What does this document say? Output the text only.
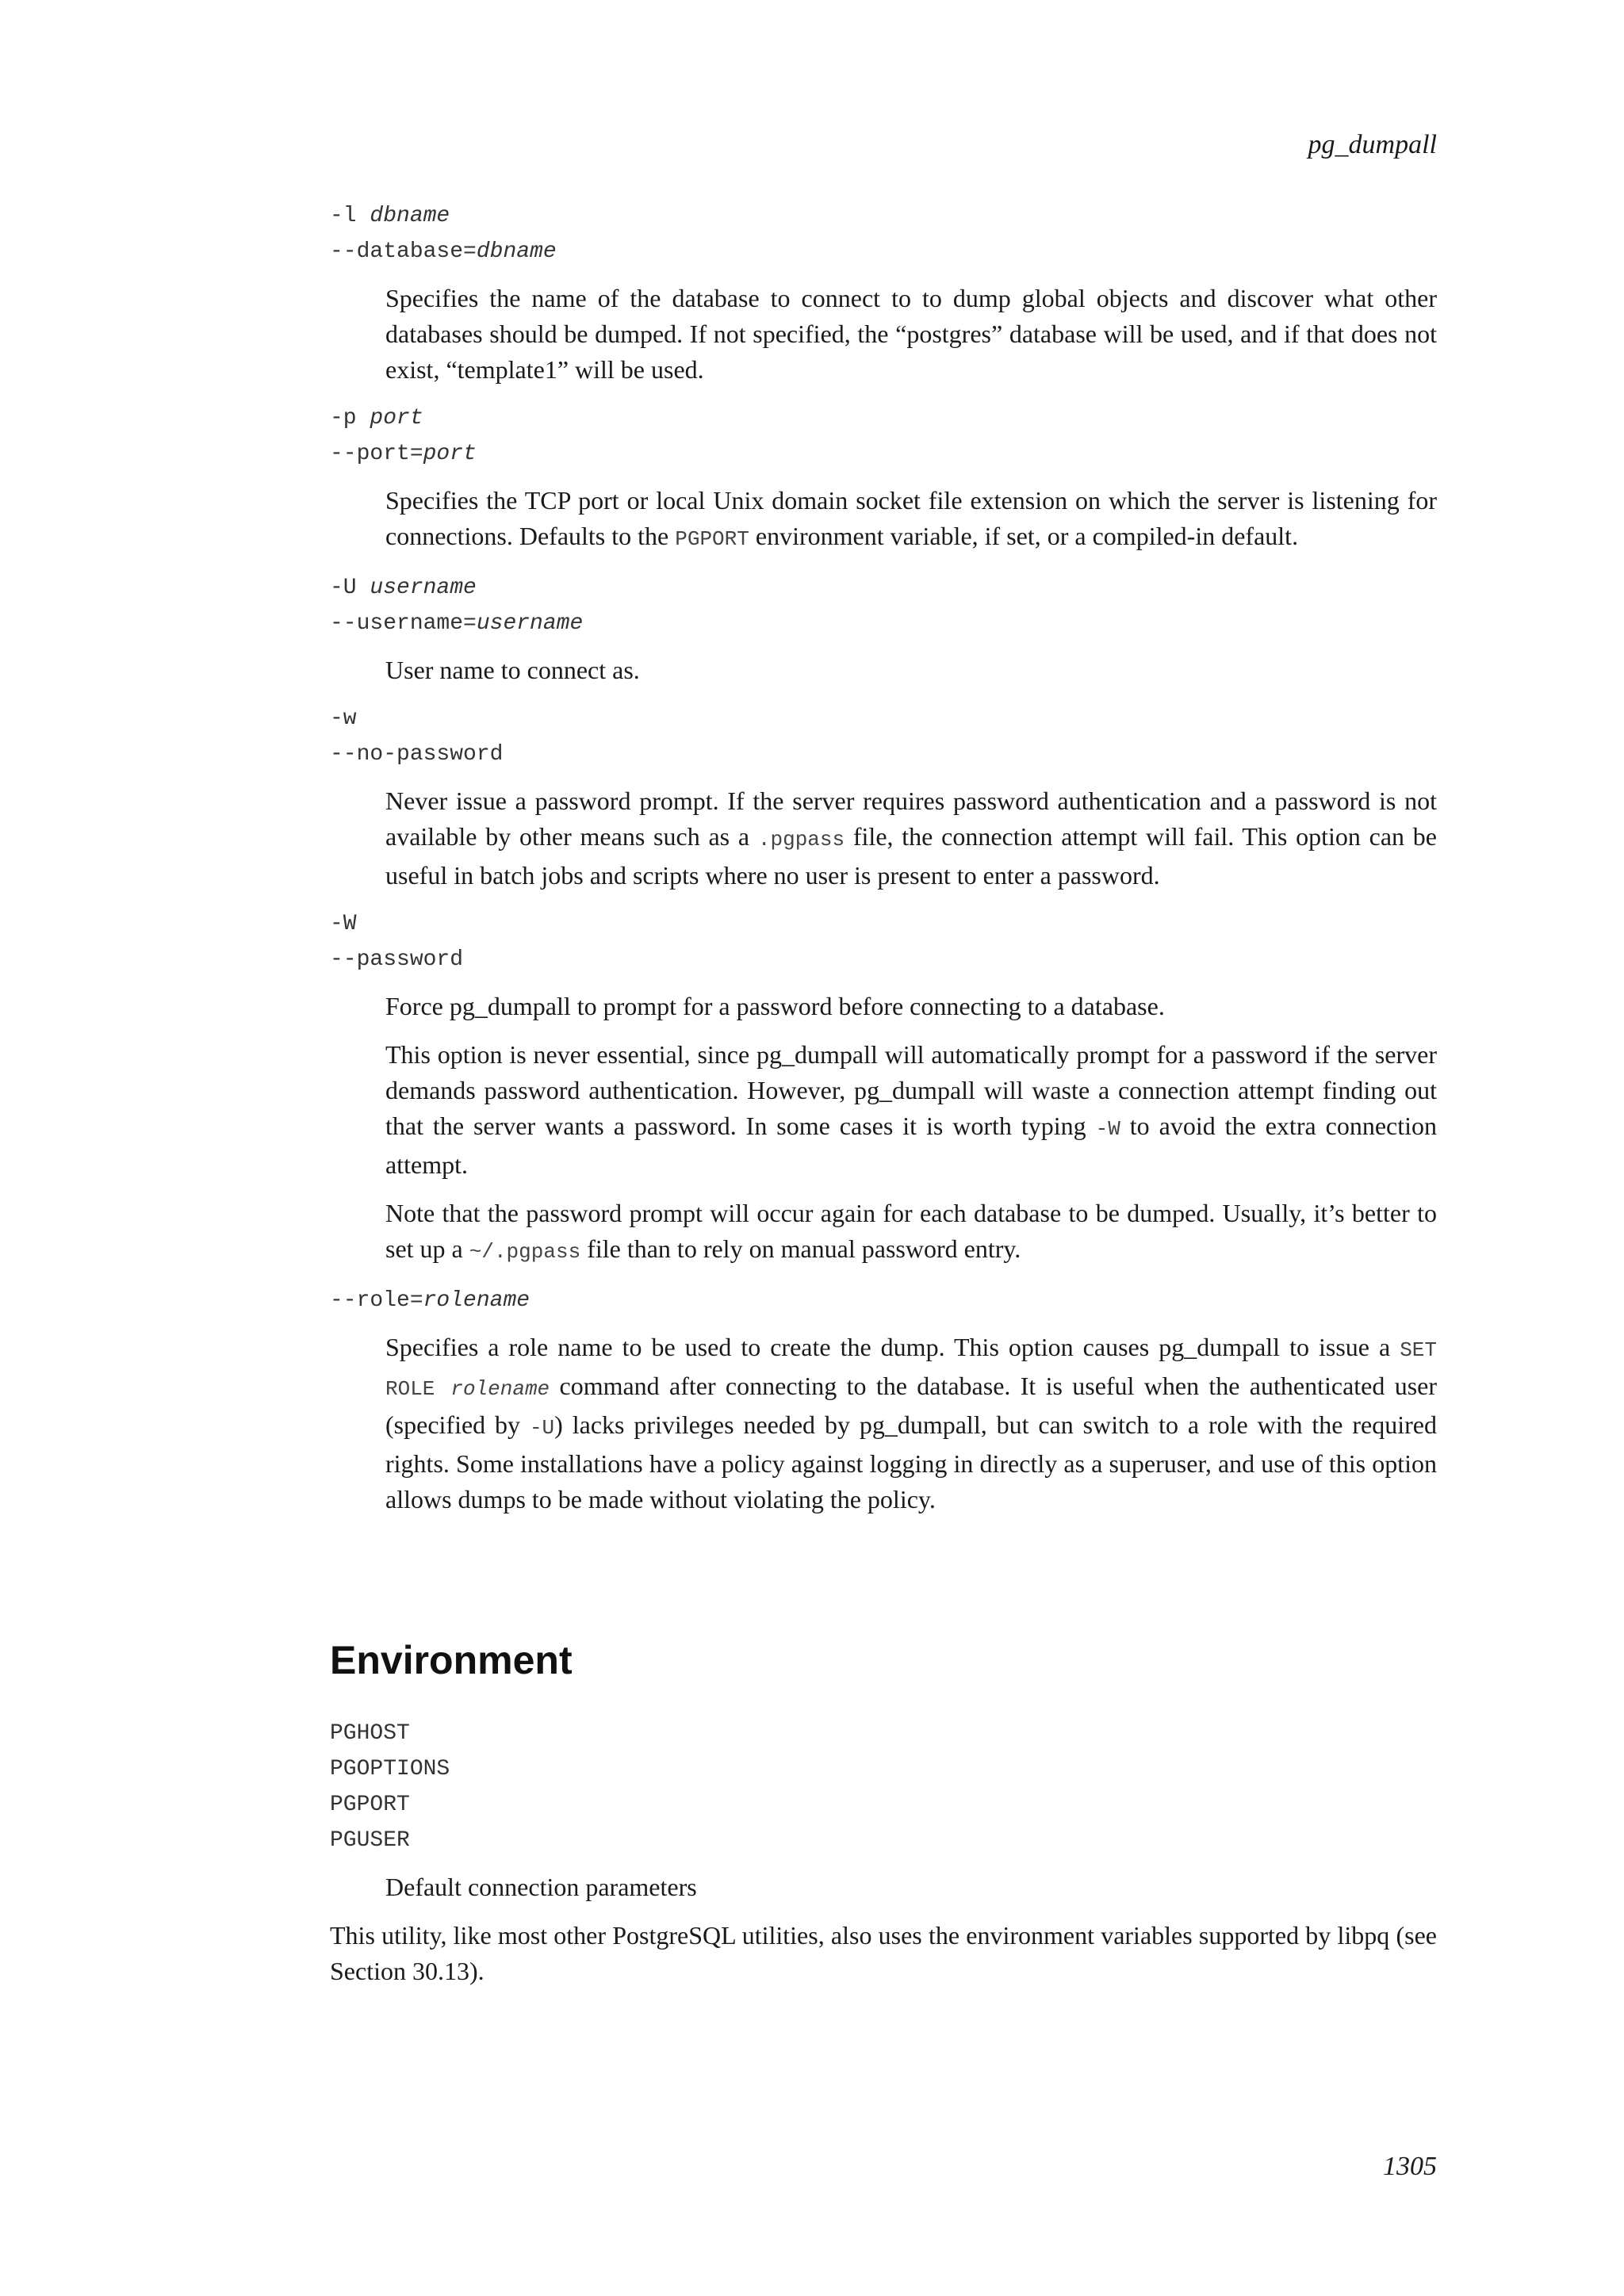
pg_dumpall
-l dbname
--database=dbname

Specifies the name of the database to connect to to dump global objects and discover what other databases should be dumped. If not specified, the “postgres” database will be used, and if that does not exist, “template1” will be used.

-p port
--port=port

Specifies the TCP port or local Unix domain socket file extension on which the server is listening for connections. Defaults to the PGPORT environment variable, if set, or a compiled-in default.

-U username
--username=username

User name to connect as.

-w
--no-password

Never issue a password prompt. If the server requires password authentication and a password is not available by other means such as a .pgpass file, the connection attempt will fail. This option can be useful in batch jobs and scripts where no user is present to enter a password.

-W
--password

Force pg_dumpall to prompt for a password before connecting to a database.

This option is never essential, since pg_dumpall will automatically prompt for a password if the server demands password authentication. However, pg_dumpall will waste a connection attempt finding out that the server wants a password. In some cases it is worth typing -W to avoid the extra connection attempt.

Note that the password prompt will occur again for each database to be dumped. Usually, it’s better to set up a ~/.pgpass file than to rely on manual password entry.

--role=rolename

Specifies a role name to be used to create the dump. This option causes pg_dumpall to issue a SET ROLE rolename command after connecting to the database. It is useful when the authenticated user (specified by -U) lacks privileges needed by pg_dumpall, but can switch to a role with the required rights. Some installations have a policy against logging in directly as a superuser, and use of this option allows dumps to be made without violating the policy.

Environment
PGHOST
PGOPTIONS
PGPORT
PGUSER

Default connection parameters

This utility, like most other PostgreSQL utilities, also uses the environment variables supported by libpq (see Section 30.13).

1305
